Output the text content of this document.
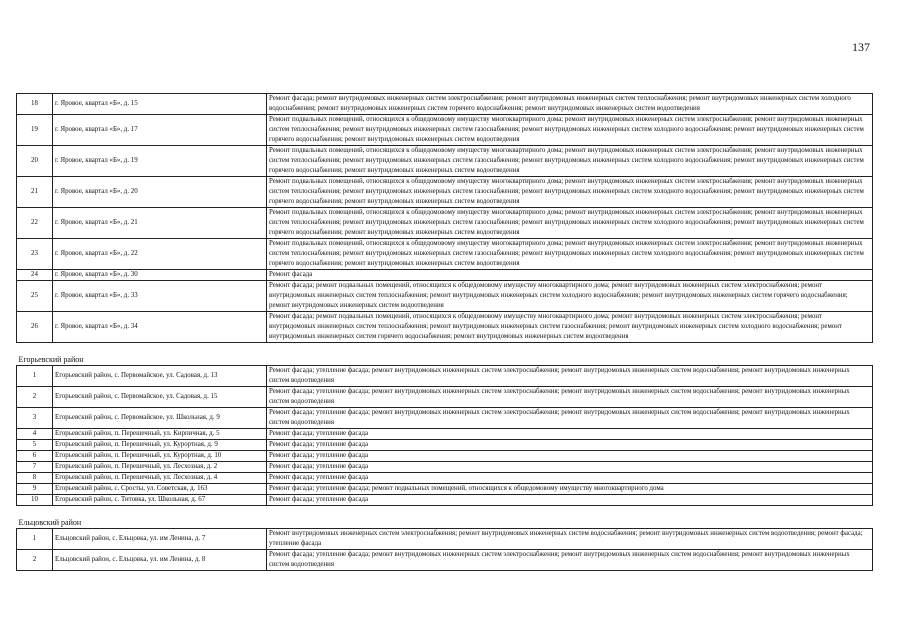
137
18	г. Яровое, квартал «Б», д. 15	Ремонт фасада; ремонт внутридомовых инженерных систем электроснабжения; ремонт внутридомовых инженерных систем теплоснабжения; ремонт внутридомовых инженерных систем холодного водоснабжения; ремонт внутридомовых инженерных систем горячего водоснабжения; ремонт внутридомовых инженерных систем водоотведения
19	г. Яровое, квартал «Б», д. 17	Ремонт подвальных помещений, относящихся к общедомовому имуществу многоквартирного дома; ремонт внутридомовых инженерных систем электроснабжения; ремонт внутридомовых инженерных систем теплоснабжения; ремонт внутридомовых инженерных систем газоснабжения; ремонт внутридомовых инженерных систем холодного водоснабжения; ремонт внутридомовых инженерных систем горячего водоснабжения; ремонт внутридомовых инженерных систем водоотведения
20	г. Яровое, квартал «Б», д. 19	Ремонт подвальных помещений, относящихся к общедомовому имуществу многоквартирного дома; ремонт внутридомовых инженерных систем электроснабжения; ремонт внутридомовых инженерных систем теплоснабжения; ремонт внутридомовых инженерных систем газоснабжения; ремонт внутридомовых инженерных систем холодного водоснабжения; ремонт внутридомовых инженерных систем горячего водоснабжения; ремонт внутридомовых инженерных систем водоотведения
21	г. Яровое, квартал «Б», д. 20	Ремонт подвальных помещений, относящихся к общедомовому имуществу многоквартирного дома; ремонт внутридомовых инженерных систем электроснабжения; ремонт внутридомовых инженерных систем теплоснабжения; ремонт внутридомовых инженерных систем газоснабжения; ремонт внутридомовых инженерных систем холодного водоснабжения; ремонт внутридомовых инженерных систем горячего водоснабжения; ремонт внутридомовых инженерных систем водоотведения
22	г. Яровое, квартал «Б», д. 21	Ремонт подвальных помещений, относящихся к общедомовому имуществу многоквартирного дома; ремонт внутридомовых инженерных систем электроснабжения; ремонт внутридомовых инженерных систем теплоснабжения; ремонт внутридомовых инженерных систем газоснабжения; ремонт внутридомовых инженерных систем холодного водоснабжения; ремонт внутридомовых инженерных систем горячего водоснабжения; ремонт внутридомовых инженерных систем водоотведения
23	г. Яровое, квартал «Б», д. 22	Ремонт подвальных помещений, относящихся к общедомовому имуществу многоквартирного дома; ремонт внутридомовых инженерных систем электроснабжения; ремонт внутридомовых инженерных систем теплоснабжения; ремонт внутридомовых инженерных систем газоснабжения; ремонт внутридомовых инженерных систем холодного водоснабжения; ремонт внутридомовых инженерных систем горячего водоснабжения; ремонт внутридомовых инженерных систем водоотведения
24	г. Яровое, квартал «Б», д. 30	Ремонт фасада
25	г. Яровое, квартал «Б», д. 33	Ремонт фасада; ремонт подвальных помещений, относящихся к общедомовому имуществу многоквартирного дома; ремонт внутридомовых инженерных систем электроснабжения; ремонт внутридомовых инженерных систем теплоснабжения; ремонт внутридомовых инженерных систем холодного водоснабжения; ремонт внутридомовых инженерных систем горячего водоснабжения; ремонт внутридомовых инженерных систем водоотведения
26	г. Яровое, квартал «Б», д. 34	Ремонт фасада; ремонт подвальных помещений, относящихся к общедомовому имуществу многоквартирного дома; ремонт внутридомовых инженерных систем электроснабжения; ремонт внутридомовых инженерных систем теплоснабжения; ремонт внутридомовых инженерных систем газоснабжения; ремонт внутридомовых инженерных систем холодного водоснабжения; ремонт внутридомовых инженерных систем горячего водоснабжения; ремонт внутридомовых инженерных систем водоотведения
Егорьевский район		
1	Егорьевский район, с. Первомайское, ул. Садовая, д. 13	Ремонт фасада; утепление фасада; ремонт внутридомовых инженерных систем электроснабжения; ремонт внутридомовых инженерных систем водоснабжения; ремонт внутридомовых инженерных систем водоотведения
2	Егорьевский район, с. Первомайское, ул. Садовая, д. 15	Ремонт фасада; утепление фасада; ремонт внутридомовых инженерных систем электроснабжения; ремонт внутридомовых инженерных систем водоснабжения; ремонт внутридомовых инженерных систем водоотведения
3	Егорьевский район, с. Первомайское, ул. Школьная, д. 9	Ремонт фасада; утепление фасада; ремонт внутридомовых инженерных систем электроснабжения; ремонт внутридомовых инженерных систем водоснабжения; ремонт внутридомовых инженерных систем водоотведения
4	Егорьевский район, п. Перешечный, ул. Кирпичная, д. 5	Ремонт фасада; утепление фасада
5	Егорьевский район, п. Перешечный, ул. Курортная, д. 9	Ремонт фасада; утепление фасада
6	Егорьевский район, п. Перешечный, ул. Курортная, д. 10	Ремонт фасада; утепление фасада
7	Егорьевский район, п. Перешечный, ул. Лесхозная, д. 2	Ремонт фасада; утепление фасада
8	Егорьевский район, п. Перешечный, ул. Лесхозная, д. 4	Ремонт фасада; утепление фасада
9	Егорьевский район, с. Сросты, ул. Советская, д. 163	Ремонт фасада; утепление фасада; ремонт подвальных помещений, относящихся к общедомовому имуществу многоквартирного дома
10	Егорьевский район, с. Титовка, ул. Школьная, д. 67	Ремонт фасада; утепление фасада
Ельцовский район		
1	Ельцовский район, с. Ельцовка, ул. им Ленина, д. 7	Ремонт внутридомовых инженерных систем электроснабжения; ремонт внутридомовых инженерных систем водоснабжения; ремонт внутридомовых инженерных систем водоотведения; ремонт фасада; утепление фасада
2	Ельцовский район, с. Ельцовка, ул. им Ленина, д. 8	Ремонт фасада; утепление фасада; ремонт внутридомовых инженерных систем электроснабжения; ремонт внутридомовых инженерных систем водоснабжения; ремонт внутридомовых инженерных систем водоотведения
